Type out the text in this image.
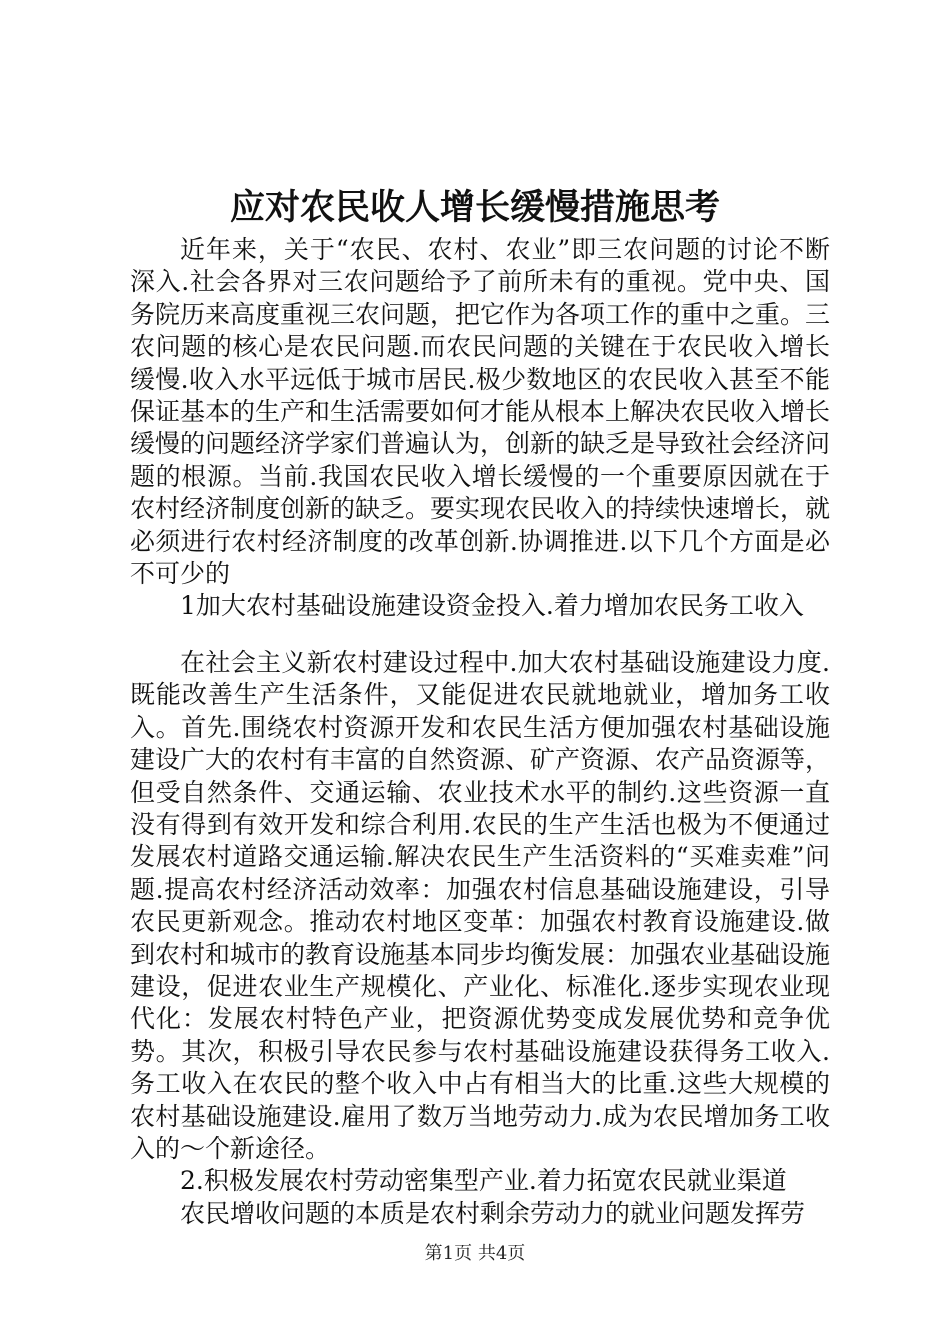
应对农民收人增长缓慢措施思考

近年来，关于“农民、农村、农业”即三农问题的讨论不断深入.社会各界对三农问题给予了前所未有的重视。党中央、国务院历来高度重视三农问题，把它作为各项工作的重中之重。三农问题的核心是农民问题.而农民问题的关键在于农民收入增长缓慢.收入水平远低于城市居民.极少数地区的农民收入甚至不能保证基本的生产和生活需要如何才能从根本上解决农民收入增长缓慢的问题经济学家们普遍认为，创新的缺乏是导致社会经济问题的根源。当前.我国农民收入增长缓慢的一个重要原因就在于农村经济制度创新的缺乏。要实现农民收入的持续快速增长，就必须进行农村经济制度的改革创新.协调推进.以下几个方面是必不可少的

1加大农村基础设施建设资金投入.着力增加农民务工收入

在社会主义新农村建设过程中.加大农村基础设施建设力度.既能改善生产生活条件，又能促进农民就地就业，增加务工收入。首先.围绕农村资源开发和农民生活方便加强农村基础设施建设广大的农村有丰富的自然资源、矿产资源、农产品资源等，但受自然条件、交通运输、农业技术水平的制约.这些资源一直没有得到有效开发和综合利用.农民的生产生活也极为不便通过发展农村道路交通运输.解决农民生产生活资料的“买难卖难”问题.提高农村经济活动效率：加强农村信息基础设施建设，引导农民更新观念。推动农村地区变革：加强农村教育设施建设.做到农村和城市的教育设施基本同步均衡发展：加强农业基础设施建设，促进农业生产规模化、产业化、标准化.逐步实现农业现代化：发展农村特色产业，把资源优势变成发展优势和竞争优势。其次，积极引导农民参与农村基础设施建设获得务工收入.务工收入在农民的整个收入中占有相当大的比重.这些大规模的农村基础设施建设.雇用了数万当地劳动力.成为农民增加务工收入的～个新途径。

2.积极发展农村劳动密集型产业.着力拓宽农民就业渠道

农民增收问题的本质是农村剩余劳动力的就业问题发挥劳

第1页 共4页
